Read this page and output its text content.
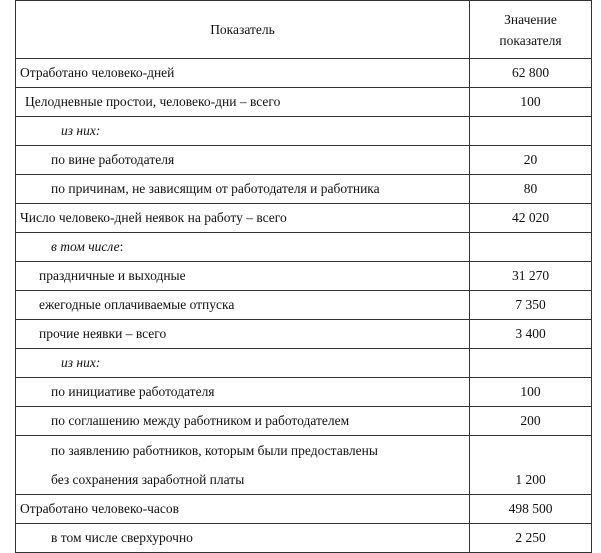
Показатель	Значение
показателя
Отработано человеко-дней	62 800
Целодневные простои, человеко-дни – всего	100
из них:	
по вине работодателя	20
по причинам, не зависящим от работодателя и работника	80
Число человеко-дней неявок на работу – всего	42 020
в том числе:	
праздничные и выходные	31 270
ежегодные оплачиваемые отпуска	7 350
прочие неявки – всего	3 400
из них:	
по инициативе работодателя	100
по соглашению между работником и работодателем	200

по заявлению работников, которым были предоставлены
без сохранения заработной платы	1 200
Отработано человеко-часов	498 500
в том числе сверхурочно	2 250
